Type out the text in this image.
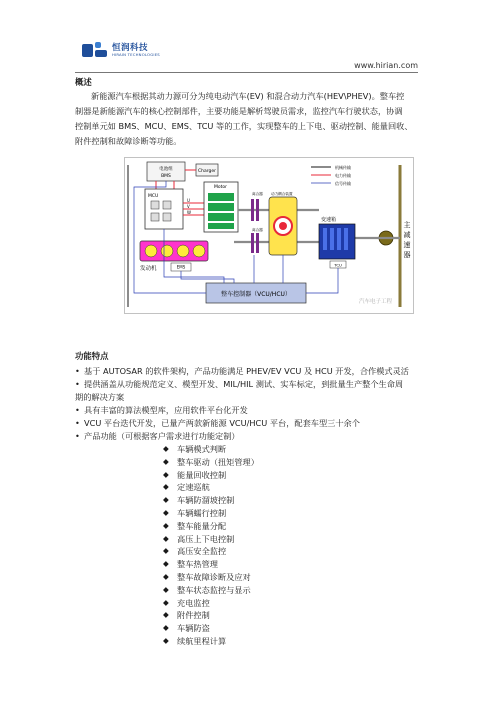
恒润科技
HIRAIN TECHNOLOGIES
www.hirian.com
概述
新能源汽车根据其动力源可分为纯电动汽车(EV) 和混合动力汽车(HEV\PHEV)。整车控
制器是新能源汽车的核心控制部件，主要功能是解析驾驶员需求，监控汽车行驶状态，协调
控制单元如 BMS、MCU、EMS、TCU 等的工作，实现整车的上下电、驱动控制、能量回收、
附件控制和故障诊断等功能。
电池组
BMS
Charger
MCU
U
V
W
Motor
离合器
离合器
动力耦合装置
变速箱
TCU
发动机	EMS
整车控制器（VCU/HCU）
主
减
速
器
机械传输
电力传输
信号传输
汽车电子工程
功能特点
• 基于 AUTOSAR 的软件架构，产品功能满足 PHEV/EV VCU 及 HCU 开发，合作模式灵活
• 提供涵盖从功能规范定义、模型开发、MIL/HIL 测试、实车标定，到批量生产整个生命周
期的解决方案
• 具有丰富的算法模型库，应用软件平台化开发
• VCU 平台迭代开发，已量产两款新能源 VCU/HCU 平台，配套车型三十余个
• 产品功能（可根据客户需求进行功能定制）
◆ 车辆模式判断
◆ 整车驱动（扭矩管理）
◆ 能量回收控制
◆ 定速巡航
◆ 车辆防溜坡控制
◆ 车辆蠕行控制
◆ 整车能量分配
◆ 高压上下电控制
◆ 高压安全监控
◆ 整车热管理
◆ 整车故障诊断及应对
◆ 整车状态监控与显示
◆ 充电监控
◆ 附件控制
◆ 车辆防盗
◆ 续航里程计算
